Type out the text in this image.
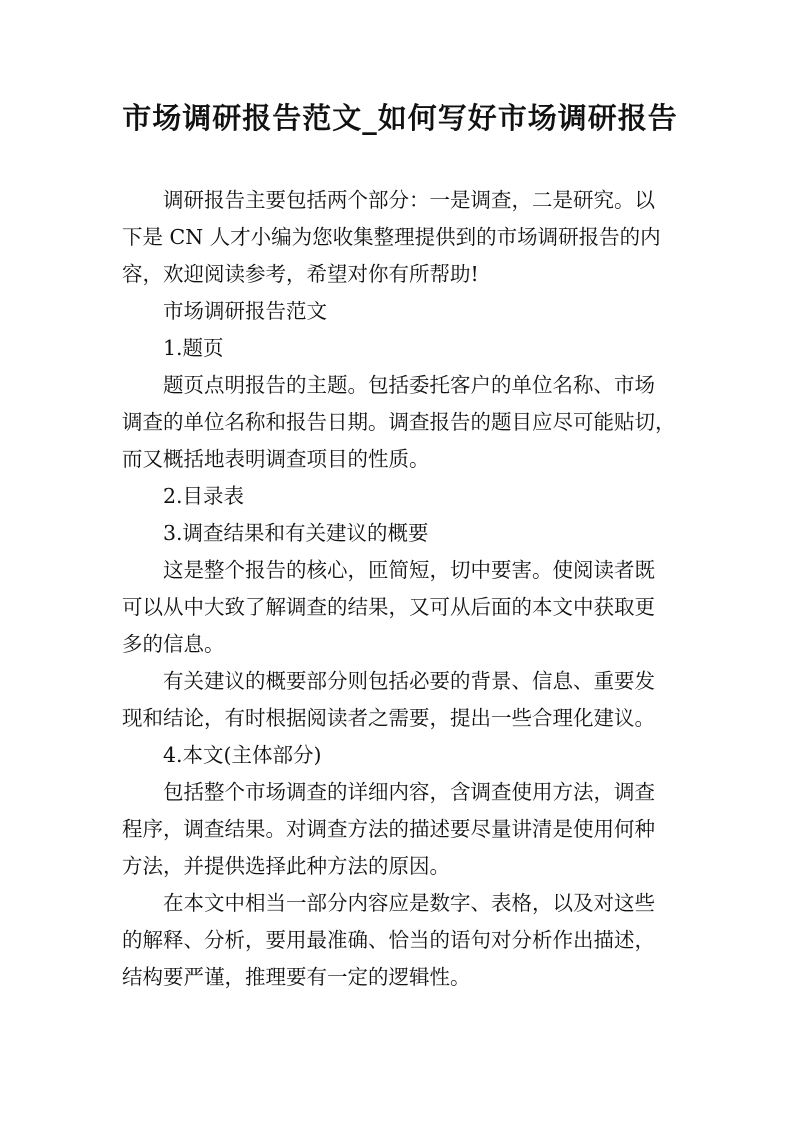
市场调研报告范文_如何写好市场调研报告
调研报告主要包括两个部分：一是调查，二是研究。以
下是 CN 人才小编为您收集整理提供到的市场调研报告的内
容，欢迎阅读参考，希望对你有所帮助!
市场调研报告范文
1.题页
题页点明报告的主题。包括委托客户的单位名称、市场
调查的单位名称和报告日期。调查报告的题目应尽可能贴切，
而又概括地表明调查项目的性质。
2.目录表
3.调查结果和有关建议的概要
这是整个报告的核心，匝简短，切中要害。使阅读者既
可以从中大致了解调查的结果，又可从后面的本文中获取更
多的信息。
有关建议的概要部分则包括必要的背景、信息、重要发
现和结论，有时根据阅读者之需要，提出一些合理化建议。
4.本文(主体部分)
包括整个市场调查的详细内容，含调查使用方法，调查
程序，调查结果。对调查方法的描述要尽量讲清是使用何种
方法，并提供选择此种方法的原因。
在本文中相当一部分内容应是数字、表格，以及对这些
的解释、分析，要用最准确、恰当的语句对分析作出描述，
结构要严谨，推理要有一定的逻辑性。
